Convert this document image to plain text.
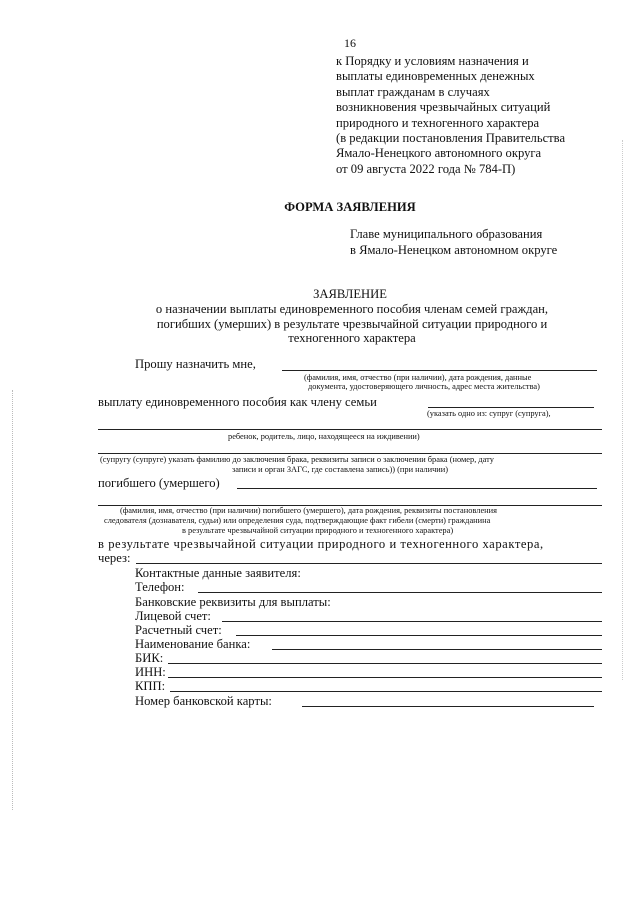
16
к Порядку и условиям назначения и
выплаты единовременных денежных
выплат гражданам в случаях
возникновения чрезвычайных ситуаций
природного и техногенного характера
(в редакции постановления Правительства
Ямало-Ненецкого автономного округа
от 09 августа 2022 года № 784-П)
ФОРМА ЗАЯВЛЕНИЯ
Главе муниципального образования
в Ямало-Ненецком автономном округе
ЗАЯВЛЕНИЕ
о назначении выплаты единовременного пособия членам семей граждан,
погибших (умерших) в результате чрезвычайной ситуации природного и
техногенного характера
Прошу назначить мне,
(фамилия, имя, отчество (при наличии), дата рождения, данные
документа, удостоверяющего личность, адрес места жительства)
выплату единовременного пособия как члену семьи
(указать одно из: супруг (супруга),
ребенок, родитель, лицо, находящееся на иждивении)
(супругу (супруге) указать фамилию до заключения брака, реквизиты записи о заключении брака (номер, дату
записи и орган ЗАГС, где составлена запись)) (при наличии)
погибшего (умершего)
(фамилия, имя, отчество (при наличии) погибшего (умершего), дата рождения, реквизиты постановления
следователя (дознавателя, судьи) или определения суда, подтверждающие факт гибели (смерти) гражданина
в результате чрезвычайной ситуации природного и техногенного характера)
в результате чрезвычайной ситуации природного и техногенного характера,
через:
Контактные данные заявителя:
Телефон:
Банковские реквизиты для выплаты:
Лицевой счет:
Расчетный счет:
Наименование банка:
БИК:
ИНН:
КПП:
Номер банковской карты:
